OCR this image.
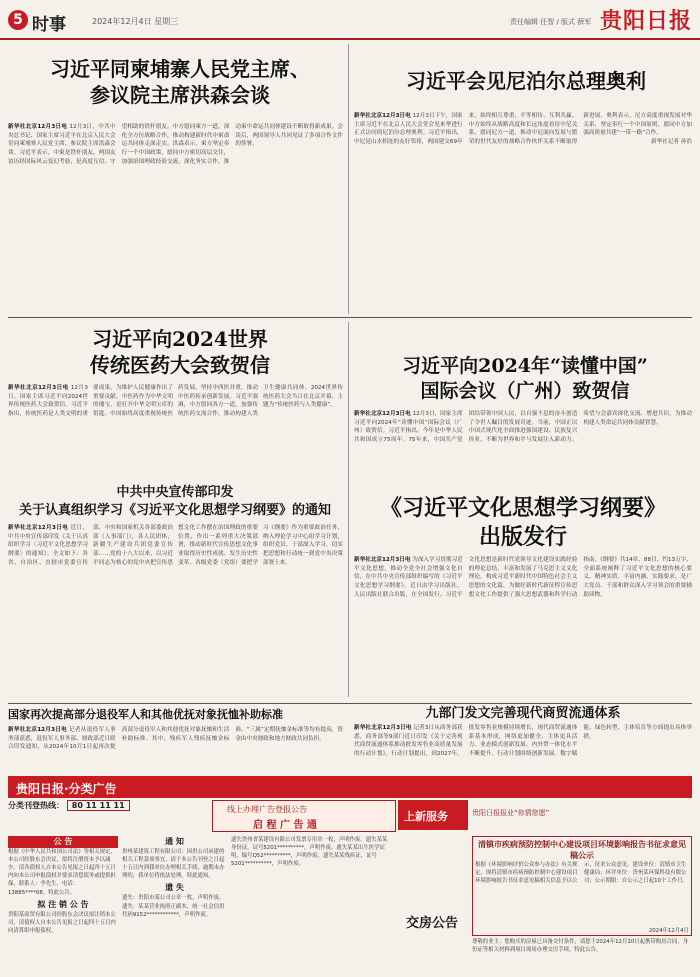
5 时事	2024年12月4日 星期三	责任编辑 任智 / 版式 薛军 贵阳日报
习近平同柬埔寨人民党主席、
参议院主席洪森会谈
新华社北京12月3日电 12月3日，中共中央总书记、国家主席习近平在北京人民大会堂同柬埔寨人民党主席、参议院主席洪森会谈。习近平表示，中柬是铁杆朋友，两国友谊历经国际风云变幻考验，是高度互信、守望相助的铁杆朋友。中方愿同柬方一道，深化全方位战略合作，推动构建新时代中柬命运共同体走深走实。洪森表示，柬方坚定奉行一个中国政策，愿同中方密切高层交往，加强治国理政经验交流，深化务实合作，推动柬中命运共同体建设不断取得新成果。会谈后，两国领导人共同见证了多项合作文件的签署。
习近平会见尼泊尔总理奥利
新华社北京12月3日电 12月3日下午，国家主席习近平在北京人民大会堂会见来华进行正式访问的尼泊尔总理奥利。习近平指出，中尼是山水相连的友好邻邦，两国建交69年来，始终相互尊重、平等相待、互利共赢。中方始终从战略高度和长远角度看待中尼关系，愿同尼方一道，推动中尼面向发展与繁荣的世代友好的战略合作伙伴关系不断取得新进展。奥利表示，尼方高度重视发展对华关系，坚定奉行一个中国原则，愿同中方加强高质量共建“一带一路”合作。
新华社记者 孙浩
习近平向2024世界
传统医药大会致贺信
新华社北京12月3日电 12月3日，国家主席习近平向2024世界传统医药大会致贺信。习近平指出，传统医药是人类文明的重要成果，为维护人民健康作出了重要贡献。中医药作为中华文明的瑰宝，是打开中华文明宝库的钥匙。中国始终高度重视传统医药发展，坚持中西医并重，推动中医药传承创新发展。习近平强调，中方愿同各方一道，加强传统医药交流合作，推动构建人类卫生健康共同体。2024世界传统医药大会当日在北京开幕，主题为“传统医药与人类健康”。
习近平向2024年“读懂中国”
国际会议（广州）致贺信
新华社北京12月3日电 12月3日，国家主席习近平向2024年“读懂中国”国际会议（广州）致贺信。习近平指出，今年是中华人民共和国成立75周年。75年来，中国共产党团结带领中国人民，以自强不息的奋斗创造了令世人瞩目的发展奇迹。当前，中国正以中国式现代化全面推进强国建设、民族复兴伟业，不断为世界和平与发展注入新动力。希望与会嘉宾深化交流、增进共识，为推动构建人类命运共同体贡献智慧。
《习近平文化思想学习纲要》
出版发行
新华社北京12月3日电 为深入学习贯彻习近平文化思想，推动全党全社会增强文化自信，在中共中央宣传部组织编写的《习近平文化思想学习纲要》，近日由学习出版社、人民出版社联合出版，在全国发行。习近平文化思想是新时代党领导文化建设实践经验的理论总结，丰富和发展了马克思主义文化理论，构成习近平新时代中国特色社会主义思想的文化篇，为做好新时代新征程宣传思想文化工作提供了强大思想武器和科学行动指南。《纲要》共14章、88目，约13万字，全面系统阐释了习近平文化思想的核心要义、精神实质、丰富内涵、实践要求，是广大党员、干部和群众深入学习领会的重要辅助读物。
中共中央宣传部印发
关于认真组织学习《习近平文化思想学习纲要》的通知
新华社北京12月3日电 近日，中共中央宣传部印发《关于认真组织学习〈习近平文化思想学习纲要〉的通知》。全文如下：各省、自治区、直辖市党委宣传部，中央和国家机关各部委政治部（人事部门），各人民团体，新疆生产建设兵团党委宣传部……党的十八大以来，以习近平同志为核心的党中央把宣传思想文化工作摆在治国理政的重要位置，作出一系列重大决策部署，推动新时代宣传思想文化事业取得历史性成就、发生历史性变革。各级党委（党组）要把学习《纲要》作为重要政治任务，纳入理论学习中心组学习计划，组织党员、干部深入学习，切实把思想和行动统一到党中央决策部署上来。
国家再次提高部分退役军人和其他优抚对象抚恤补助标准
新华社北京12月3日电 记者从退役军人事务部获悉，退役军人事务部、财政部近日联合印发通知，从2024年10月1日起再次提高部分退役军人和其他优抚对象抚恤和生活补助标准。其中，残疾军人残疾抚恤金标准、“三属”定期抚恤金标准等均有提高，资金由中央财政和地方财政共同负担。
九部门发文完善现代商贸流通体系
新华社北京12月3日电 记者3日从商务部获悉，商务部等9部门近日印发《关于完善现代商贸流通体系推动批发零售业高质量发展的行动计划》。行动计划提出，到2027年，批发零售业规模持续增长，现代商贸流通体系基本形成，网络更加健全、主体更具活力、业态模式创新发展、内外贸一体化水平不断提升。行动计划围绕创新发展、数字赋能、绿色转型、主体培育等方面提出具体举措。
贵阳日报·分类广告
分类刊登热线： 80 11 11 11	线上办理广告登报公告
启 程 广 告 通
上新服务	贵阳日报报业“你情您愿”
公 告
根据《中华人民共和国公司法》等相关规定，本公司经股东会决议，拟将注册资本予以减少。请各债权人自本公告见报之日起四十五日内向本公司申报债权并要求清偿债务或提供担保。联系人：李先生，电话：13885****08。特此公告。
拟 注 销 公 告
贵阳某商贸有限公司经股东会决议拟注销本公司，请债权人自本公告见报之日起四十五日内向清算组申报债权。
通 知
贵州某建筑工程有限公司：因贵公司承建的相关工程款项事宜，请于本公告刊登之日起十五日内到我单位办理相关手续，逾期未办理的，我单位将依法处理。特此通知。
遗 失
遗失：贵阳市某公司公章一枚，声明作废。遗失：某某营业执照正副本，统一社会信用代码9152************，声明作废。
遗失贵州省某建设有限公司发票专用章一枚，声明作废。遗失某某身份证，证号5201**********，声明作废。遗失某某出生医学证明，编号Q52**********，声明作废。遗失某某残疾证，证号5201**********，声明作废。
清镇市疾病预防控制中心建设项目环境影响报告书征求意见稿公示
根据《环境影响评价公众参与办法》有关规定，现将清镇市疾病预防控制中心建设项目环境影响报告书征求意见稿相关信息予以公示，征求公众意见。建设单位：清镇市卫生健康局；环评单位：贵州某环保科技有限公司；公示期限：自公示之日起10个工作日。
2024年12月4日
交房公告
尊敬的业主：您购买的房屋已具备交付条件，请您于2024年12月10日起携带购房合同、身份证等相关材料到项目现场办理交房手续。特此公告。
